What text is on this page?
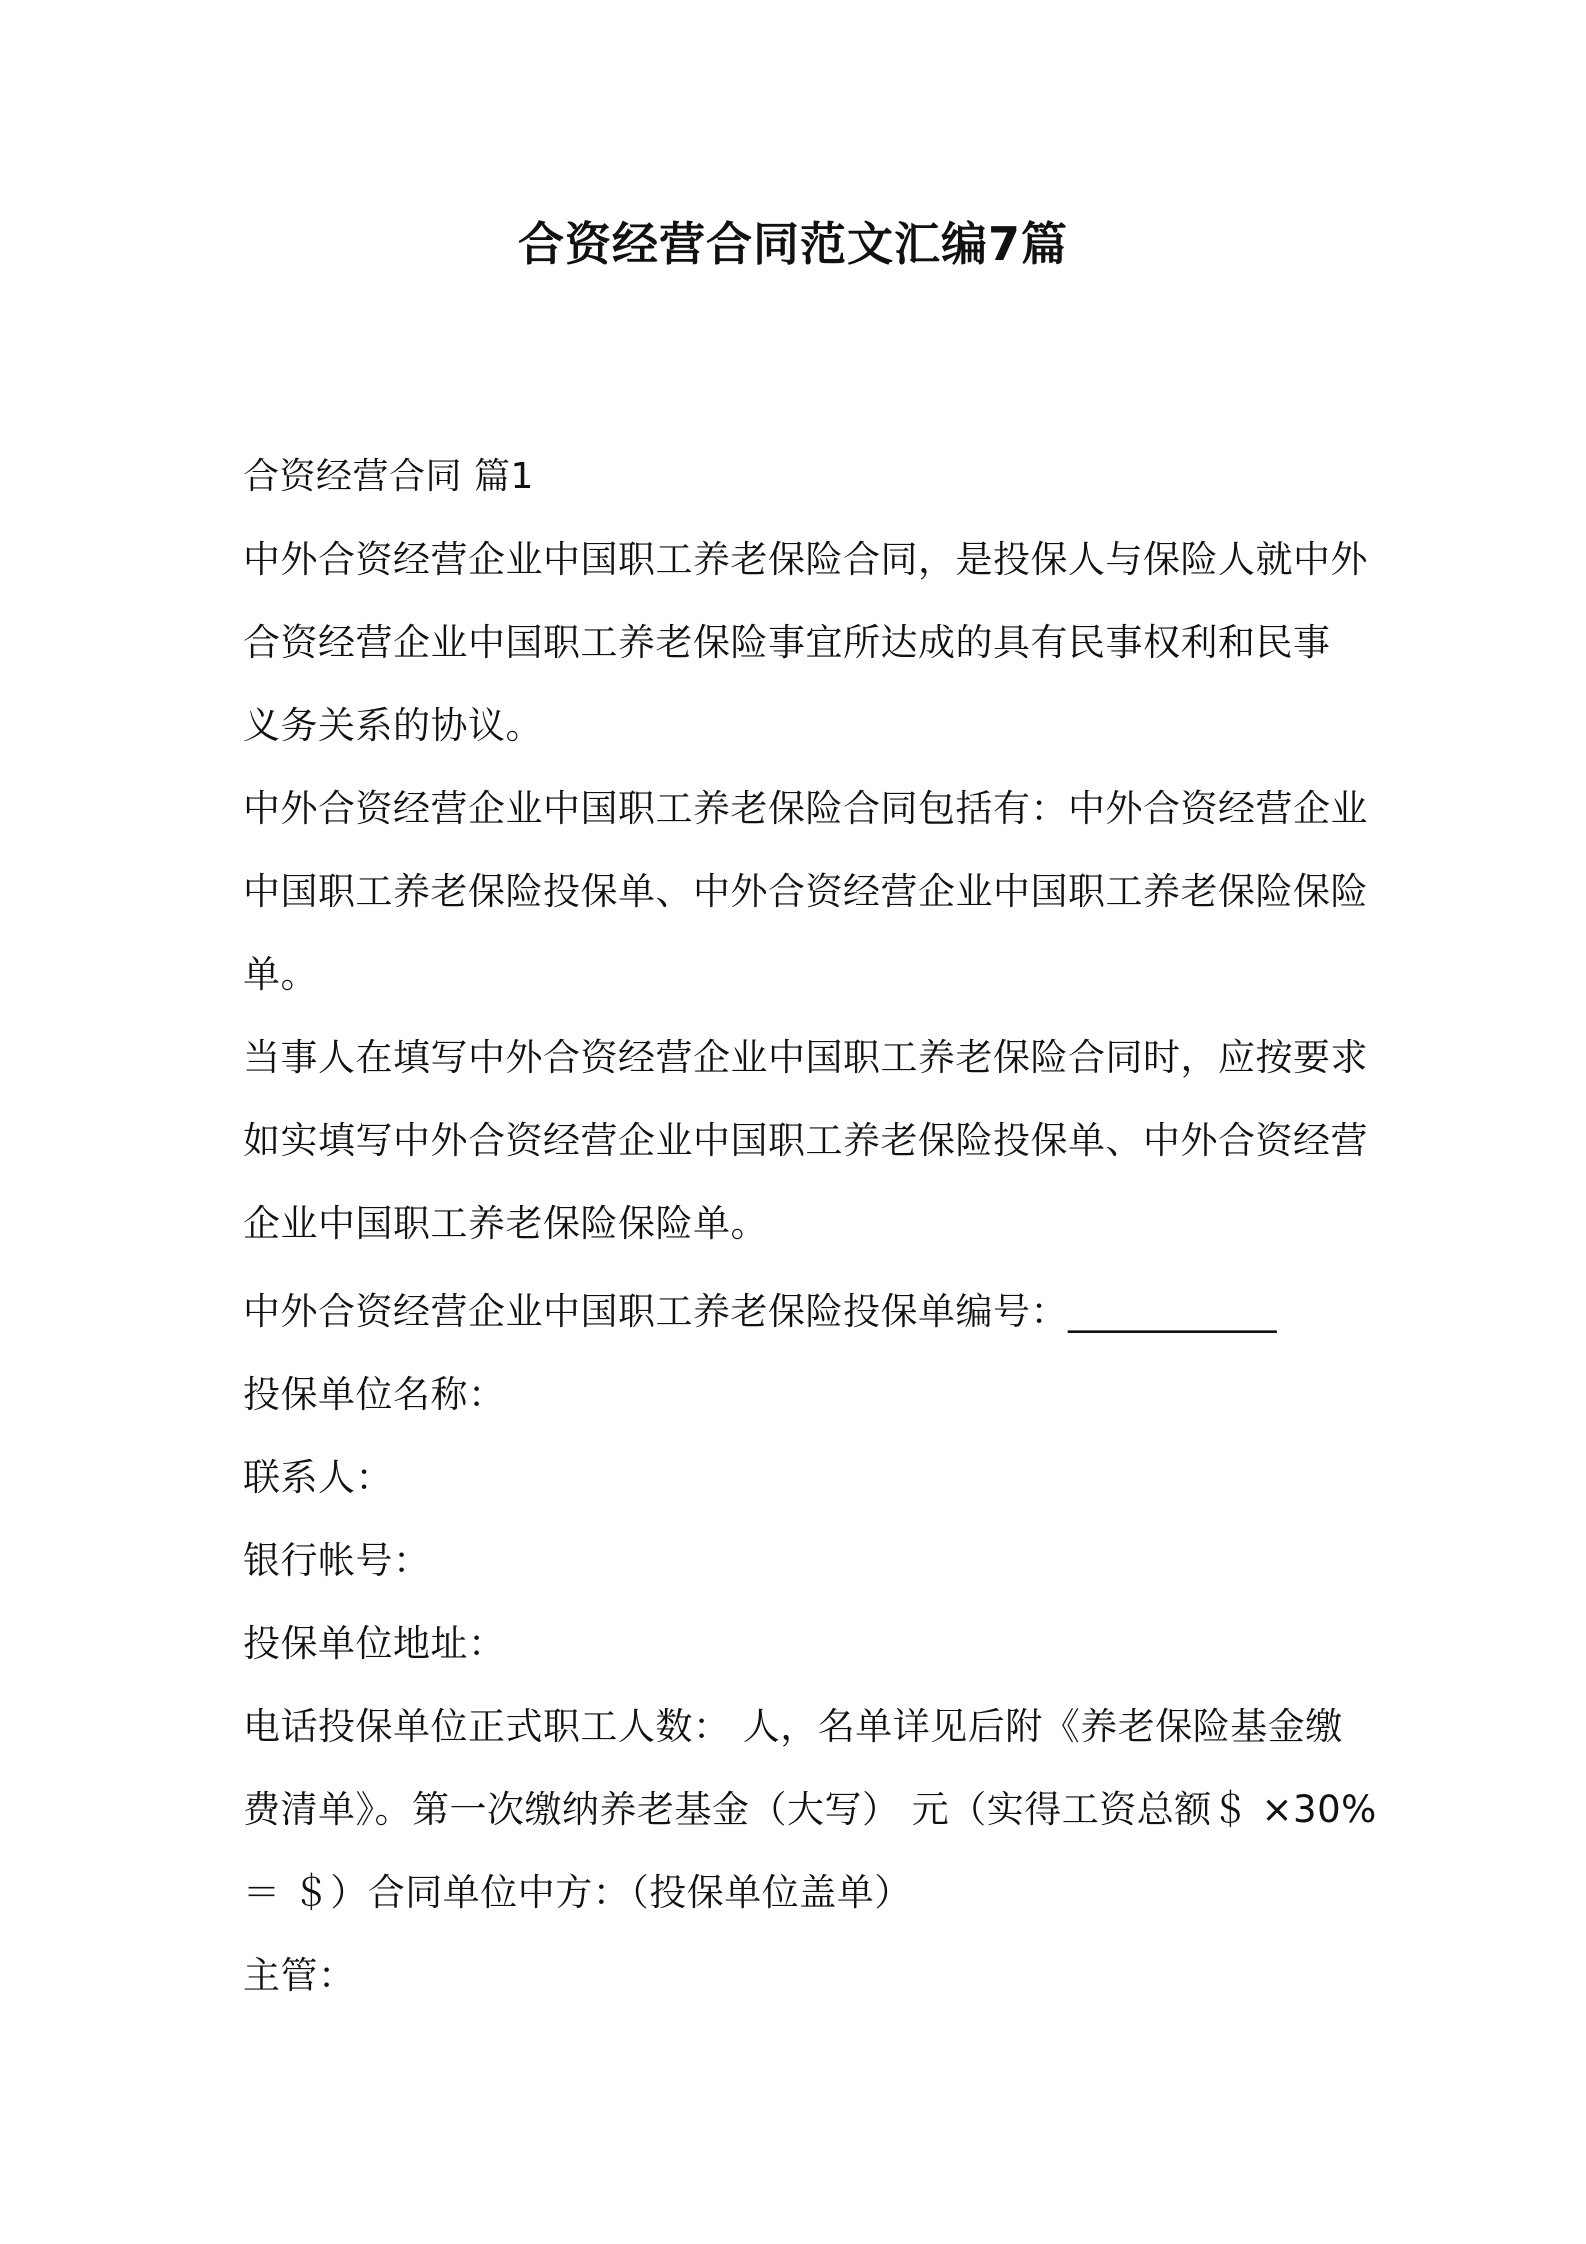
合资经营合同范文汇编7篇
合资经营合同 篇1
中外合资经营企业中国职工养老保险合同，是投保人与保险人就中外
合资经营企业中国职工养老保险事宜所达成的具有民事权利和民事
义务关系的协议。
中外合资经营企业中国职工养老保险合同包括有：中外合资经营企业
中国职工养老保险投保单、中外合资经营企业中国职工养老保险保险
单。
当事人在填写中外合资经营企业中国职工养老保险合同时，应按要求
如实填写中外合资经营企业中国职工养老保险投保单、中外合资经营
企业中国职工养老保险保险单。
中外合资经营企业中国职工养老保险投保单编号：___________
投保单位名称：
联系人：
银行帐号：
投保单位地址：
电话投保单位正式职工人数： 人，名单详见后附《养老保险基金缴
费清单》。第一次缴纳养老基金（大写） 元（实得工资总额＄ ×30%
＝ ＄）合同单位中方：（投保单位盖单）
主管：
